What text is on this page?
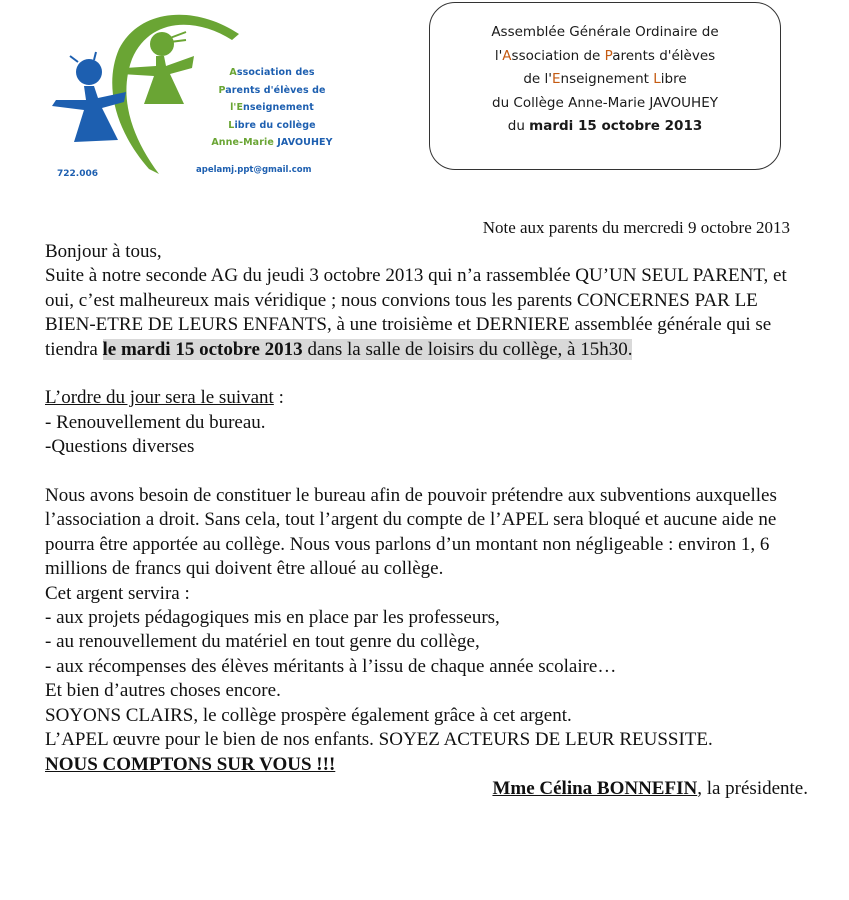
Association des
Parents d'élèves de
l'Enseignement
Libre du collège
Anne-Marie JAVOUHEY
apelamj.ppt@gmail.com
722.006
Assemblée Générale Ordinaire de
l'Association de Parents d'élèves
de l'Enseignement Libre
du Collège Anne-Marie JAVOUHEY
du mardi 15 octobre 2013

Note aux parents du mercredi 9 octobre 2013

Bonjour à tous,

Suite à notre seconde AG du jeudi 3 octobre 2013 qui n’a rassemblée QU’UN SEUL PARENT, et oui, c’est malheureux mais véridique ; nous convions tous les parents CONCERNES PAR LE BIEN-ETRE DE LEURS ENFANTS, à une troisième et DERNIERE assemblée générale qui se tiendra le mardi 15 octobre 2013 dans la salle de loisirs du collège, à 15h30.

L’ordre du jour sera le suivant :

- Renouvellement du bureau.

-Questions diverses

Nous avons besoin de constituer le bureau afin de pouvoir prétendre aux subventions auxquelles l’association a droit. Sans cela, tout l’argent du compte de l’APEL sera bloqué et aucune aide ne pourra être apportée au collège. Nous vous parlons d’un montant non négligeable : environ 1, 6 millions de francs qui doivent être alloué au collège.

Cet argent servira :

- aux projets pédagogiques mis en place par les professeurs,

- au renouvellement du matériel en tout genre du collège,

- aux récompenses des élèves méritants à l’issu de chaque année scolaire…

Et bien d’autres choses encore.

SOYONS CLAIRS, le collège prospère également grâce à cet argent.

L’APEL œuvre pour le bien de nos enfants. SOYEZ ACTEURS DE LEUR REUSSITE. NOUS COMPTONS SUR VOUS !!!

Mme Célina BONNEFIN, la présidente.
